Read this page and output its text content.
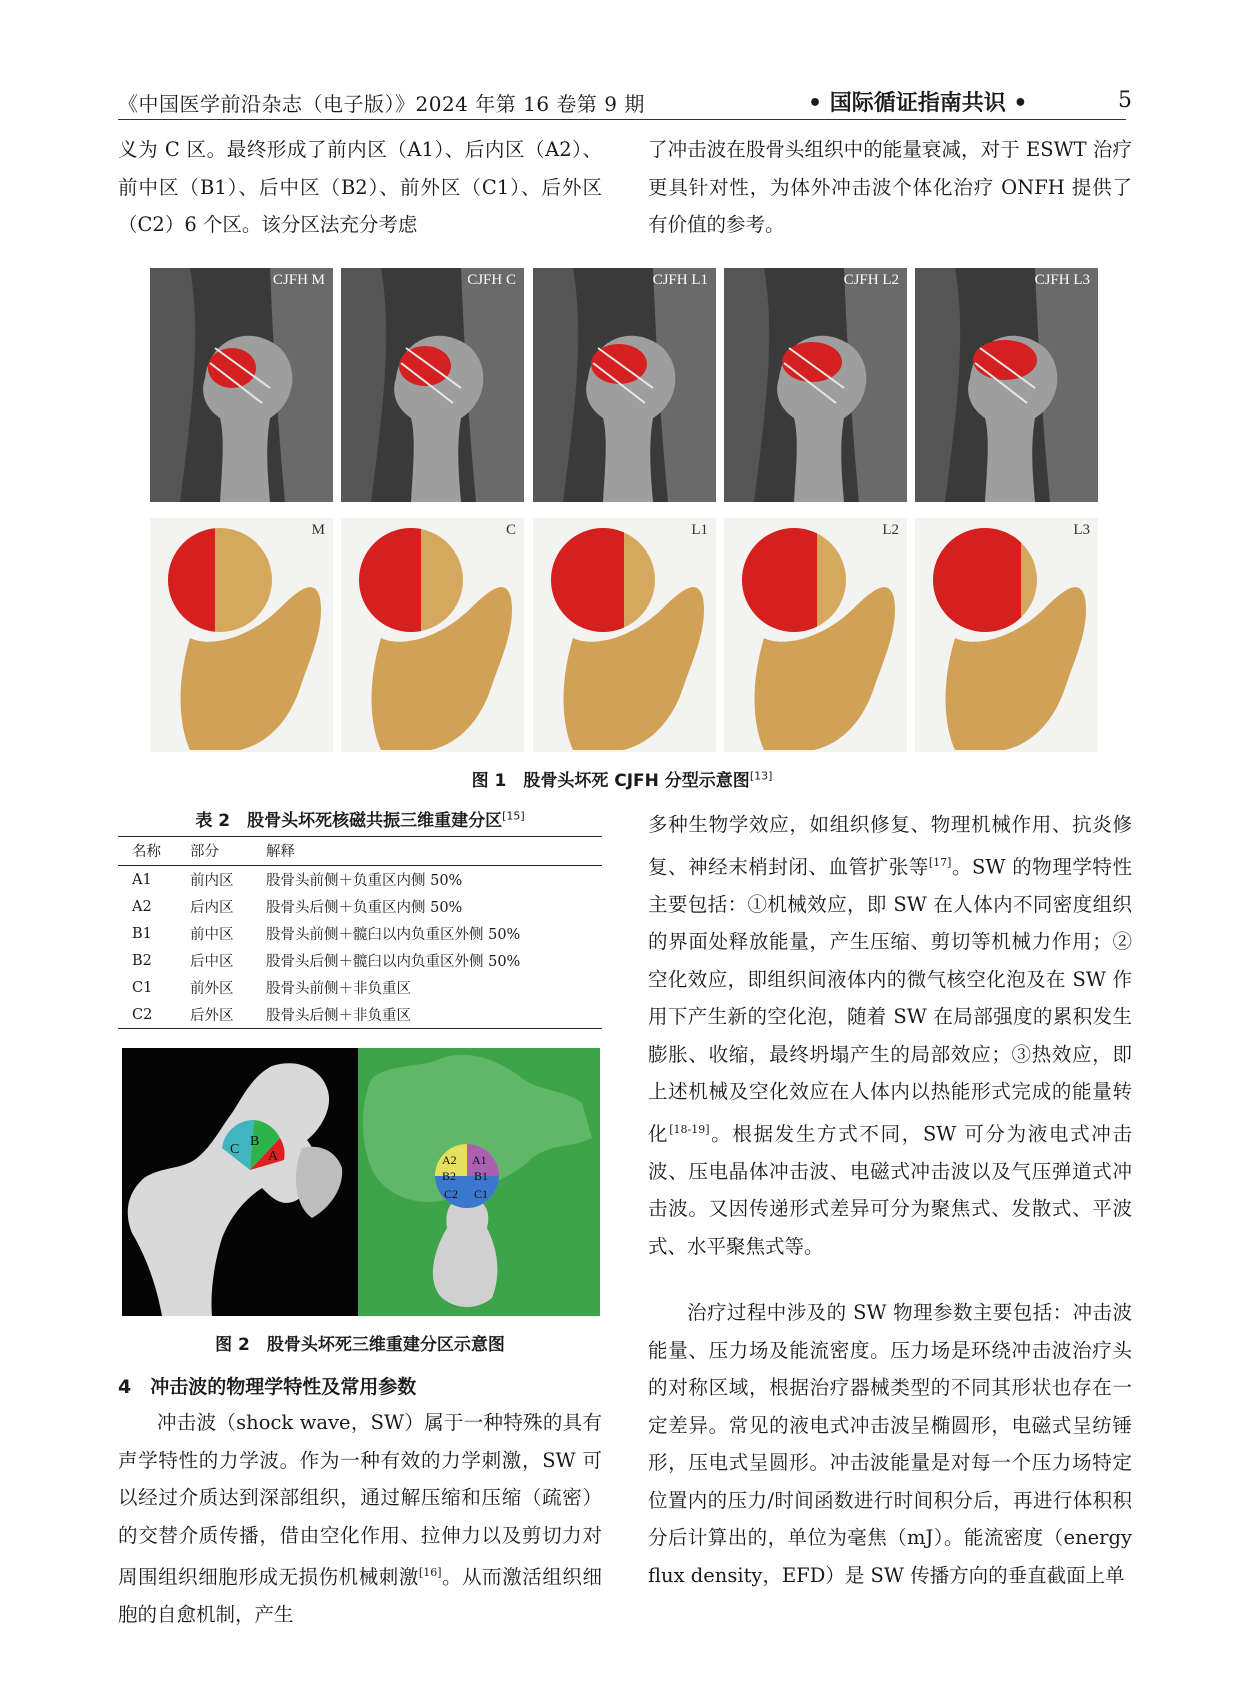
《中国医学前沿杂志（电子版）》2024 年第 16 卷第 9 期	• 国际循证指南共识 •	5

义为 C 区。最终形成了前内区（A1）、后内区（A2）、前中区（B1）、后中区（B2）、前外区（C1）、后外区（C2）6 个区。该分区法充分考虑

了冲击波在股骨头组织中的能量衰减，对于 ESWT 治疗更具针对性，为体外冲击波个体化治疗 ONFH 提供了有价值的参考。

CJFH M	CJFH C	CJFH L1	CJFH L2	CJFH L3
M	C	L1	L2	L3
图 1　股骨头坏死 CJFH 分型示意图[13]
表 2　股骨头坏死核磁共振三维重建分区[15]
名称	部分	解释
A1	前内区	股骨头前侧＋负重区内侧 50%
A2	后内区	股骨头后侧＋负重区内侧 50%
B1	前中区	股骨头前侧＋髋臼以内负重区外侧 50%
B2	后中区	股骨头后侧＋髋臼以内负重区外侧 50%
C1	前外区	股骨头前侧＋非负重区
C2	后外区	股骨头后侧＋非负重区
C
B
A	A2 A1
B2 B1
C2 C1
图 2　股骨头坏死三维重建分区示意图
4　冲击波的物理学特性及常用参数

冲击波（shock wave，SW）属于一种特殊的具有声学特性的力学波。作为一种有效的力学刺激，SW 可以经过介质达到深部组织，通过解压缩和压缩（疏密）的交替介质传播，借由空化作用、拉伸力以及剪切力对周围组织细胞形成无损伤机械刺激[16]。从而激活组织细胞的自愈机制，产生

多种生物学效应，如组织修复、物理机械作用、抗炎修复、神经末梢封闭、血管扩张等[17]。SW 的物理学特性主要包括：①机械效应，即 SW 在人体内不同密度组织的界面处释放能量，产生压缩、剪切等机械力作用；②空化效应，即组织间液体内的微气核空化泡及在 SW 作用下产生新的空化泡，随着 SW 在局部强度的累积发生膨胀、收缩，最终坍塌产生的局部效应；③热效应，即上述机械及空化效应在人体内以热能形式完成的能量转化[18-19]。根据发生方式不同，SW 可分为液电式冲击波、压电晶体冲击波、电磁式冲击波以及气压弹道式冲击波。又因传递形式差异可分为聚焦式、发散式、平波式、水平聚焦式等。

治疗过程中涉及的 SW 物理参数主要包括：冲击波能量、压力场及能流密度。压力场是环绕冲击波治疗头的对称区域，根据治疗器械类型的不同其形状也存在一定差异。常见的液电式冲击波呈椭圆形，电磁式呈纺锤形，压电式呈圆形。冲击波能量是对每一个压力场特定位置内的压力/时间函数进行时间积分后，再进行体积积分后计算出的，单位为毫焦（mJ）。能流密度（energy flux density，EFD）是 SW 传播方向的垂直截面上单
